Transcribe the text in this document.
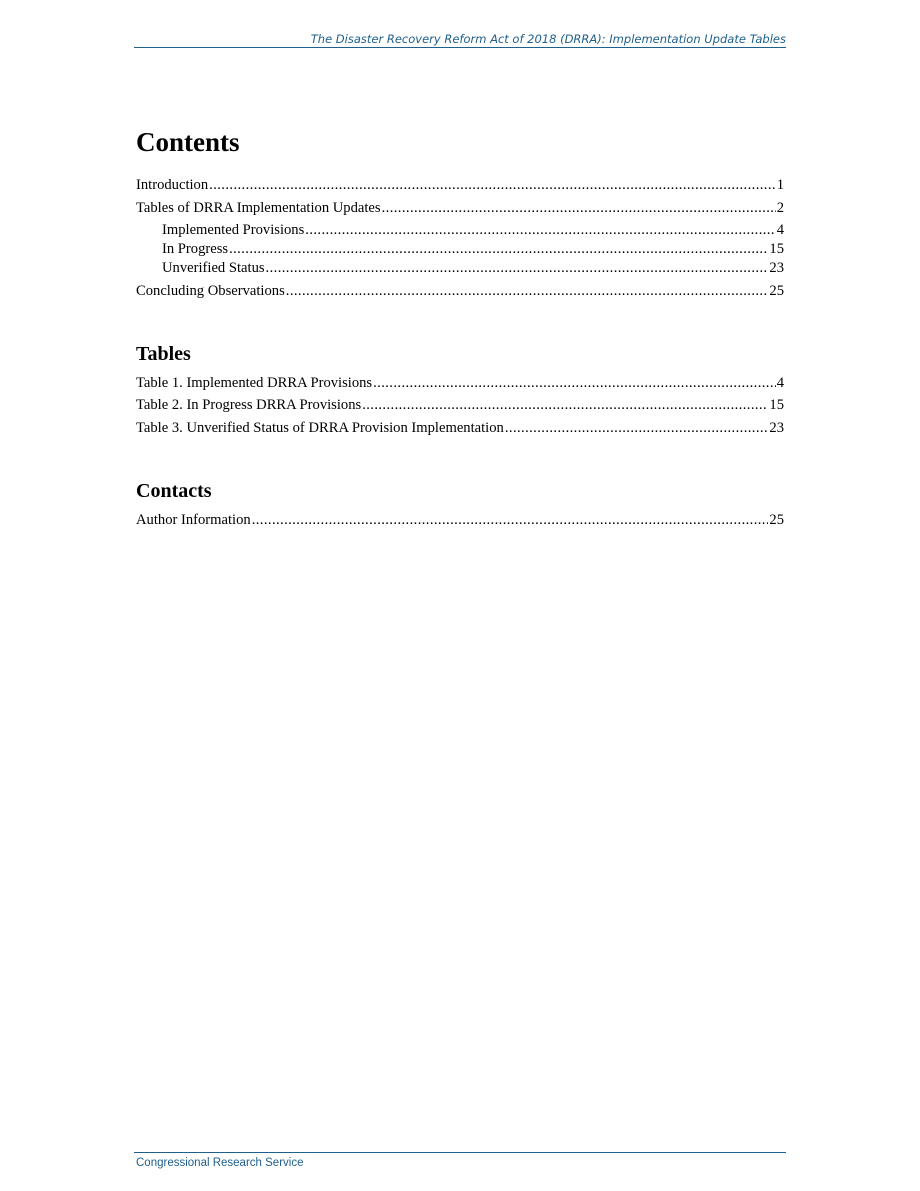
The Disaster Recovery Reform Act of 2018 (DRRA): Implementation Update Tables
Contents
Introduction .....	1
Tables of DRRA Implementation Updates .....	2
Implemented Provisions .....	4
In Progress .....	15
Unverified Status .....	23
Concluding Observations .....	25
Tables
Table 1. Implemented DRRA Provisions .....	4
Table 2. In Progress DRRA Provisions .....	15
Table 3. Unverified Status of DRRA Provision Implementation .....	23
Contacts
Author Information .....	25
Congressional Research Service
